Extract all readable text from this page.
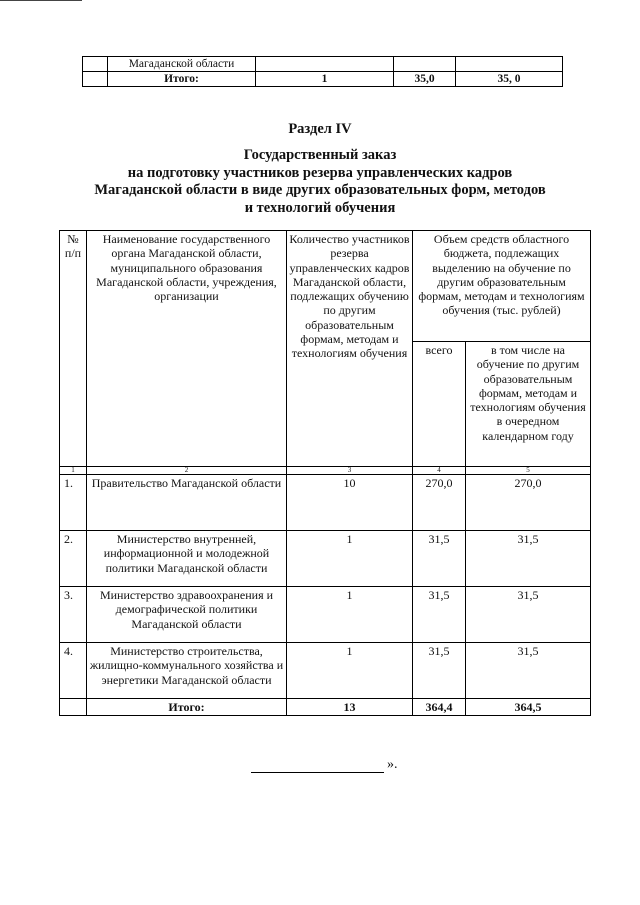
	Магаданской области			
	Итого:	1	35,0	35, 0
Раздел IV
Государственный заказ
на подготовку участников резерва управленческих кадров
Магаданской области в виде других образовательных форм, методов
и технологий обучения
№ п/п	Наименование государственного органа Магаданской области, муниципального образования Магаданской области, учреждения, организации	Количество участников резерва управленческих кадров Магаданской области, подлежащих обучению по другим образовательным формам, методам и технологиям обучения	Объем средств областного бюджета, подлежащих выделению на обучение по другим образовательным формам, методам и технологиям обучения (тыс. рублей)	
			всего	в том числе на обучение по другим образовательным формам, методам и технологиям обучения в очередном календарном году
1	2	3	4	5
1.	Правительство Магаданской области	10	270,0	270,0
2.	Министерство внутренней, информационной и молодежной политики Магаданской области	1	31,5	31,5
3.	Министерство здравоохранения и демографической политики Магаданской области	1	31,5	31,5
4.	Министерство строительства, жилищно-коммунального хозяйства и энергетики Магаданской области	1	31,5	31,5
	Итого:	13	364,4	364,5
».
